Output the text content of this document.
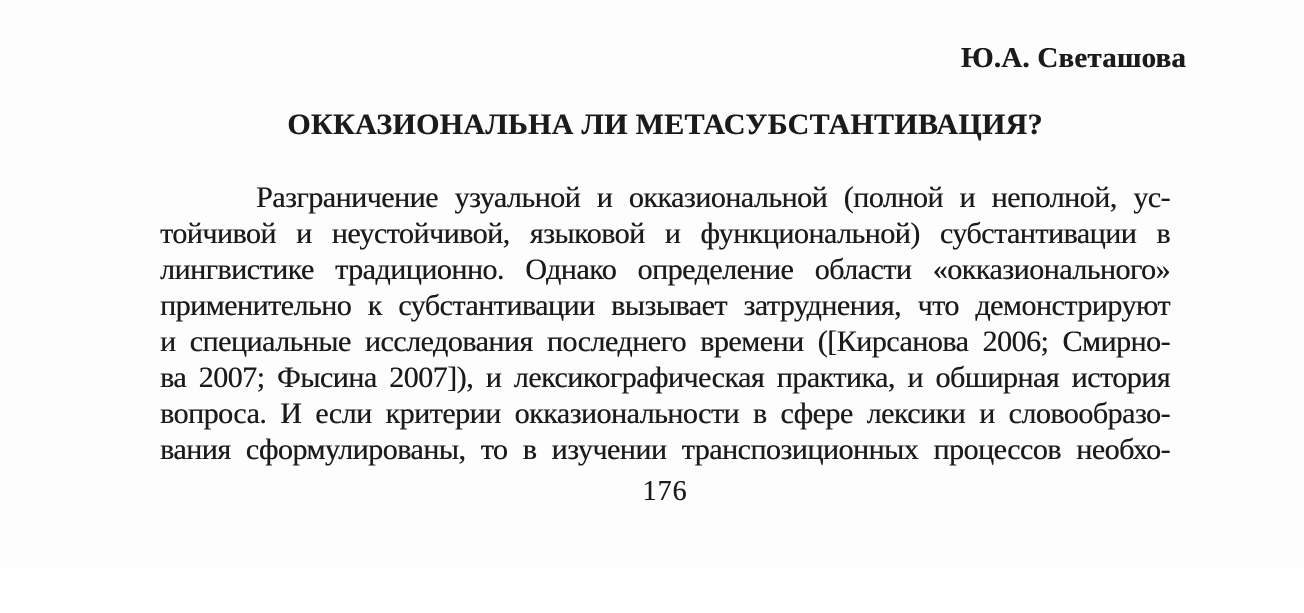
Ю.А. Светашова
ОККАЗИОНАЛЬНА ЛИ МЕТАСУБСТАНТИВАЦИЯ?
Разграничение узуальной и окказиональной (полной и неполной, ус-
тойчивой и неустойчивой, языковой и функциональной) субстантивации в
лингвистике традиционно. Однако определение области «окказионального»
применительно к субстантивации вызывает затруднения, что демонстрируют
и специальные исследования последнего времени ([Кирсанова 2006; Смирно-
ва 2007; Фысина 2007]), и лексикографическая практика, и обширная история
вопроса. И если критерии окказиональности в сфере лексики и словообразо-
вания сформулированы, то в изучении транспозиционных процессов необхо-
176
